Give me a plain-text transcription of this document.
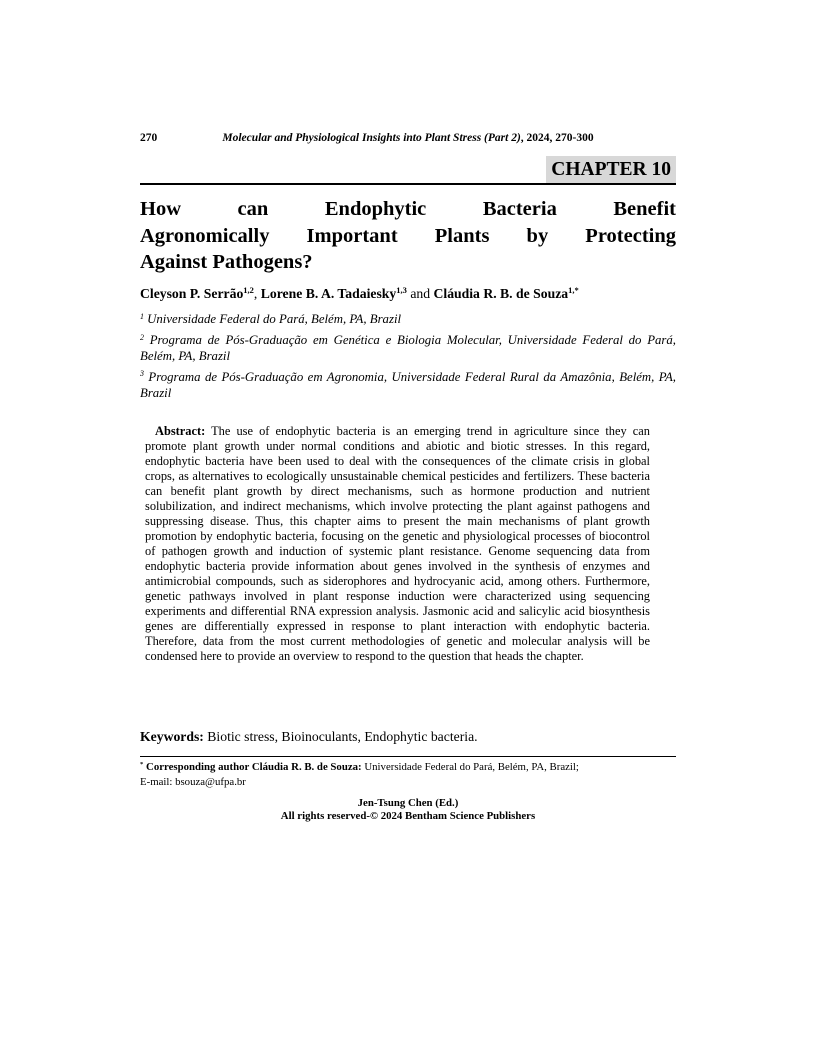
270	Molecular and Physiological Insights into Plant Stress (Part 2), 2024, 270-300
CHAPTER 10
How can Endophytic Bacteria Benefit
Agronomically Important Plants by Protecting
Against Pathogens?
Cleyson P. Serrão$^{1,2}$, Lorene B. A. Tadaiesky$^{1,3}$ and Cláudia R. B. de Souza$^{1,*}$

$^1$ Universidade Federal do Pará, Belém, PA, Brazil

$^2$ Programa de Pós-Graduação em Genética e Biologia Molecular, Universidade Federal do Pará, Belém, PA, Brazil

$^3$ Programa de Pós-Graduação em Agronomia, Universidade Federal Rural da Amazônia, Belém, PA, Brazil

Abstract: The use of endophytic bacteria is an emerging trend in agriculture since they can promote plant growth under normal conditions and abiotic and biotic stresses. In this regard, endophytic bacteria have been used to deal with the consequences of the climate crisis in global crops, as alternatives to ecologically unsustainable chemical pesticides and fertilizers. These bacteria can benefit plant growth by direct mechanisms, such as hormone production and nutrient solubilization, and indirect mechanisms, which involve protecting the plant against pathogens and suppressing disease. Thus, this chapter aims to present the main mechanisms of plant growth promotion by endophytic bacteria, focusing on the genetic and physiological processes of biocontrol of pathogen growth and induction of systemic plant resistance. Genome sequencing data from endophytic bacteria provide information about genes involved in the synthesis of enzymes and antimicrobial compounds, such as siderophores and hydrocyanic acid, among others. Furthermore, genetic pathways involved in plant response induction were characterized using sequencing experiments and differential RNA expression analysis. Jasmonic acid and salicylic acid biosynthesis genes are differentially expressed in response to plant interaction with endophytic bacteria. Therefore, data from the most current methodologies of genetic and molecular analysis will be condensed here to provide an overview to respond to the question that heads the chapter.
Keywords: Biotic stress, Bioinoculants, Endophytic bacteria.
* Corresponding author Cláudia R. B. de Souza: Universidade Federal do Pará, Belém, PA, Brazil;
E-mail: bsouza@ufpa.br
Jen-Tsung Chen (Ed.)
All rights reserved-© 2024 Bentham Science Publishers
